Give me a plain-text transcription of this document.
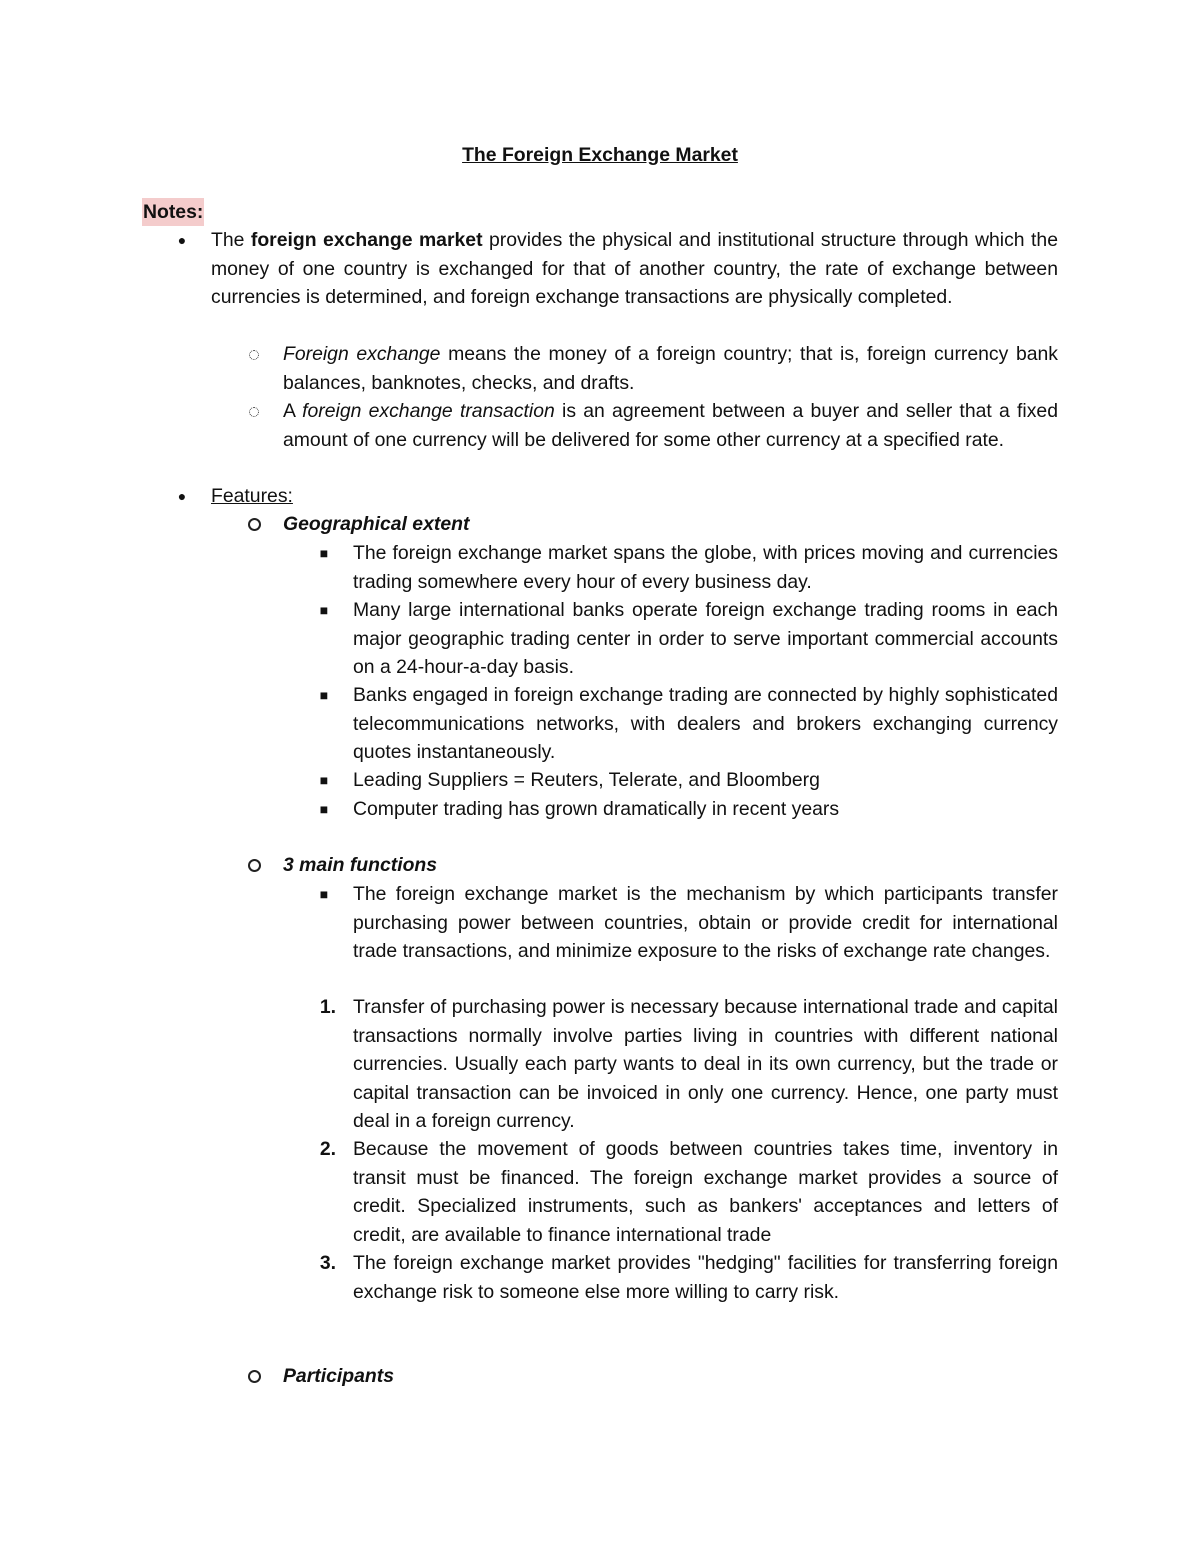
The Foreign Exchange Market
Notes:
●	The foreign exchange market provides the physical and institutional structure through which the money of one country is exchanged for that of another country, the rate of exchange between currencies is determined, and foreign exchange transactions are physically completed.
Foreign exchange means the money of a foreign country; that is, foreign currency bank balances, banknotes, checks, and drafts.
A foreign exchange transaction is an agreement between a buyer and seller that a fixed amount of one currency will be delivered for some other currency at a specified rate.
●	Features:
Geographical extent
■	The foreign exchange market spans the globe, with prices moving and currencies trading somewhere every hour of every business day.
■	Many large international banks operate foreign exchange trading rooms in each major geographic trading center in order to serve important commercial accounts on a 24-hour-a-day basis.
■	Banks engaged in foreign exchange trading are connected by highly sophisticated telecommunications networks, with dealers and brokers exchanging currency quotes instantaneously.
■	Leading Suppliers = Reuters, Telerate, and Bloomberg
■	Computer trading has grown dramatically in recent years
3 main functions
■	The foreign exchange market is the mechanism by which participants transfer purchasing power between countries, obtain or provide credit for international trade transactions, and minimize exposure to the risks of exchange rate changes.
1. Transfer of purchasing power is necessary because international trade and capital transactions normally involve parties living in countries with different national currencies. Usually each party wants to deal in its own currency, but the trade or capital transaction can be invoiced in only one currency. Hence, one party must deal in a foreign currency.
2. Because the movement of goods between countries takes time, inventory in transit must be financed. The foreign exchange market provides a source of credit. Specialized instruments, such as bankers' acceptances and letters of credit, are available to finance international trade
3. The foreign exchange market provides "hedging" facilities for transferring foreign exchange risk to someone else more willing to carry risk.
Participants
